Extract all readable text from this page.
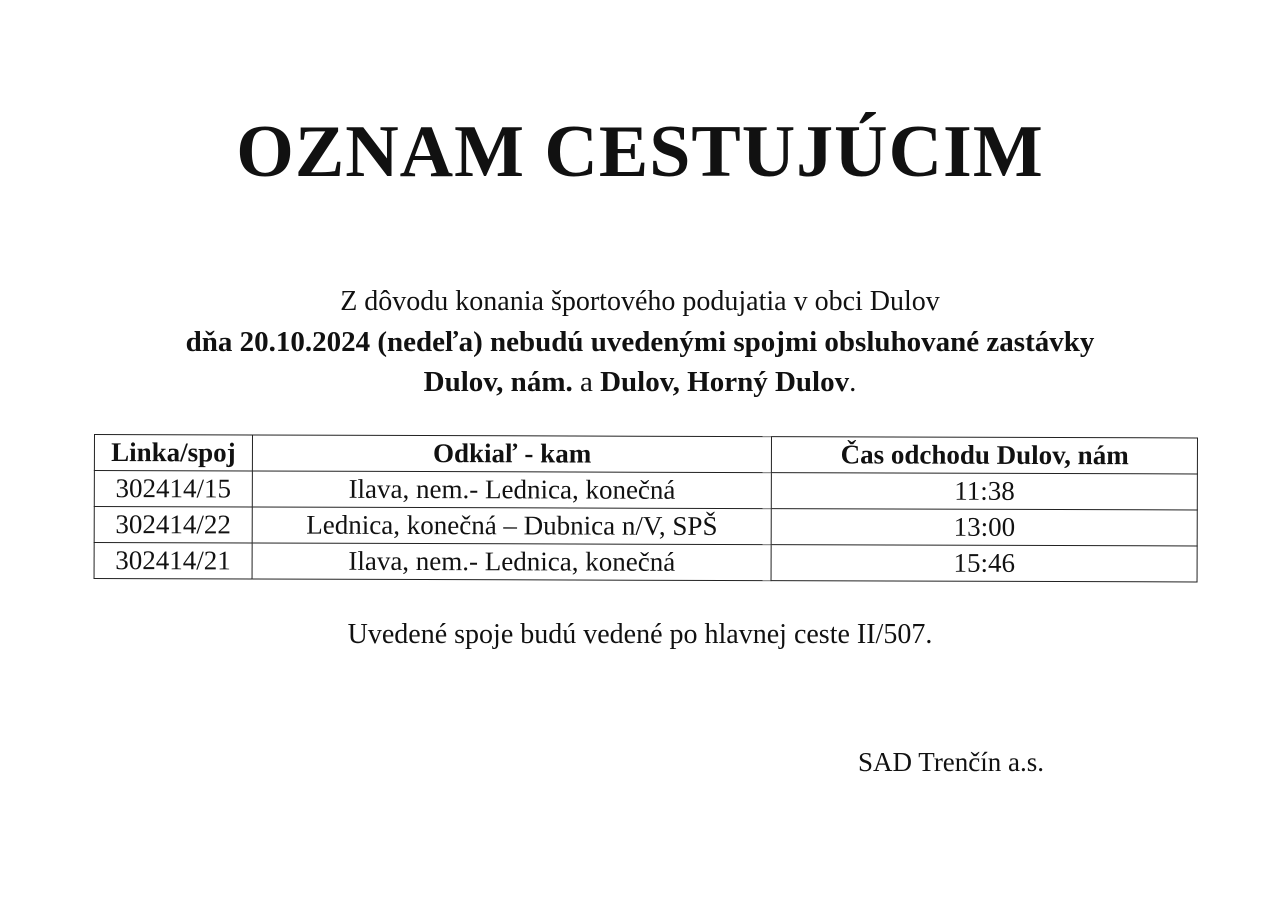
OZNAM CESTUJÚCIM
Z dôvodu konania športového podujatia v obci Dulov
dňa 20.10.2024 (nedeľa) nebudú uvedenými spojmi obsluhované zastávky
Dulov, nám. a Dulov, Horný Dulov.
Linka/spoj	Odkiaľ - kam	Čas odchodu Dulov, nám
302414/15	Ilava, nem.- Lednica, konečná	11:38
302414/22	Lednica, konečná – Dubnica n/V, SPŠ	13:00
302414/21	Ilava, nem.- Lednica, konečná	15:46
Uvedené spoje budú vedené po hlavnej ceste II/507.
SAD Trenčín a.s.
